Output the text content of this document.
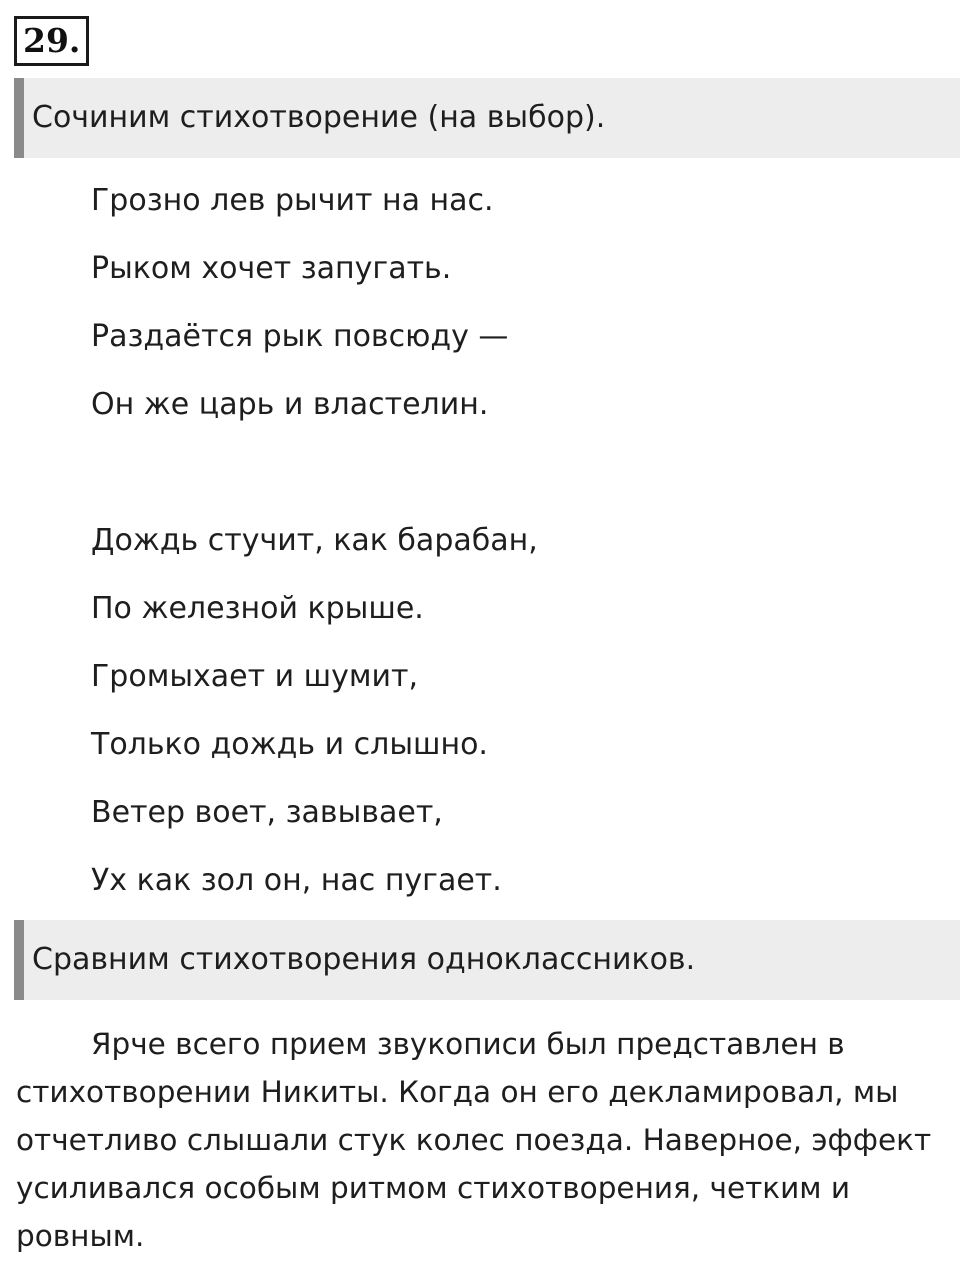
29.
Сочиним стихотворение (на выбор).
Грозно лев рычит на нас.
Рыком хочет запугать.
Раздаётся рык повсюду —
Он же царь и властелин.
Дождь стучит, как барабан,
По железной крыше.
Громыхает и шумит,
Только дождь и слышно.
Ветер воет, завывает,
Ух как зол он, нас пугает.
Сравним стихотворения одноклассников.

Ярче всего прием звукописи был представлен в стихотворении Никиты. Когда он его декламировал, мы отчетливо слышали стук колес поезда. Наверное, эффект усиливался особым ритмом стихотворения, четким и ровным.
